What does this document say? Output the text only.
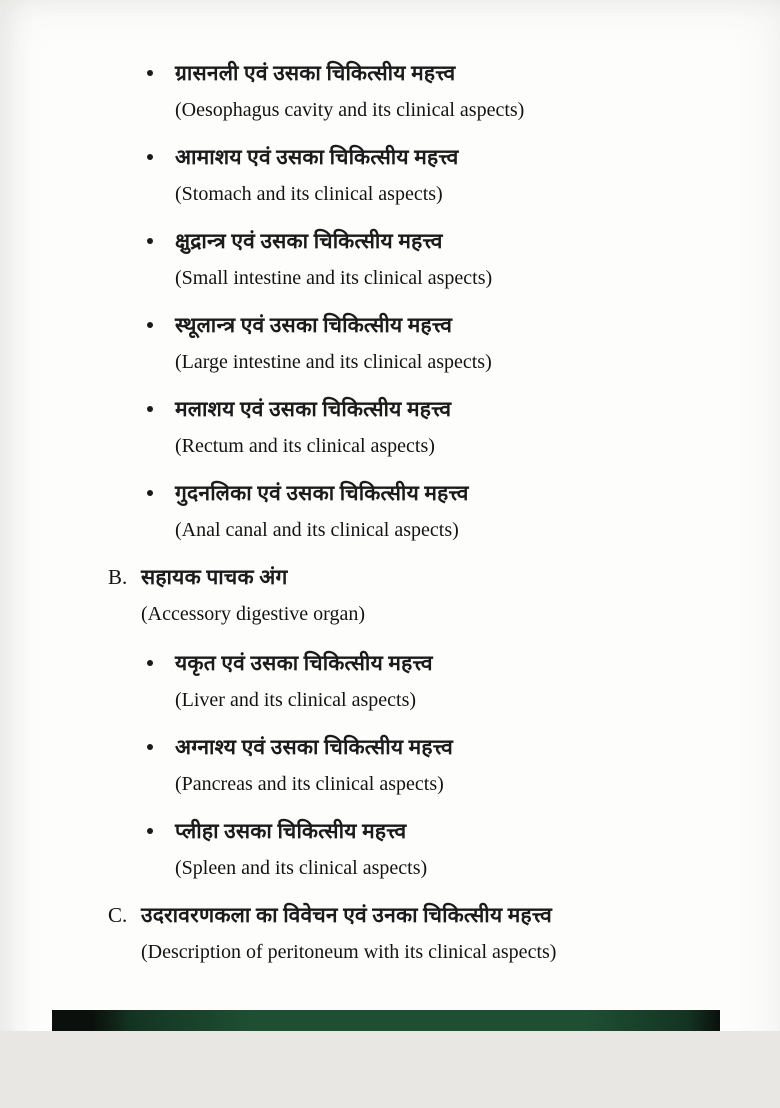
ग्रासनली एवं उसका चिकित्सीय महत्त्व
(Oesophagus cavity and its clinical aspects)
आमाशय एवं उसका चिकित्सीय महत्त्व
(Stomach and its clinical aspects)
क्षुद्रान्त्र एवं उसका चिकित्सीय महत्त्व
(Small intestine and its clinical aspects)
स्थूलान्त्र एवं उसका चिकित्सीय महत्त्व
(Large intestine and its clinical aspects)
मलाशय एवं उसका चिकित्सीय महत्त्व
(Rectum and its clinical aspects)
गुदनलिका एवं उसका चिकित्सीय महत्त्व
(Anal canal and its clinical aspects)
B. सहायक पाचक अंग
(Accessory digestive organ)
यकृत एवं उसका चिकित्सीय महत्त्व
(Liver and its clinical aspects)
अग्नाश्य एवं उसका चिकित्सीय महत्त्व
(Pancreas and its clinical aspects)
प्लीहा उसका चिकित्सीय महत्त्व
(Spleen and its clinical aspects)
C. उदरावरणकला का विवेचन एवं उनका चिकित्सीय महत्त्व
(Description of peritoneum with its clinical aspects)
